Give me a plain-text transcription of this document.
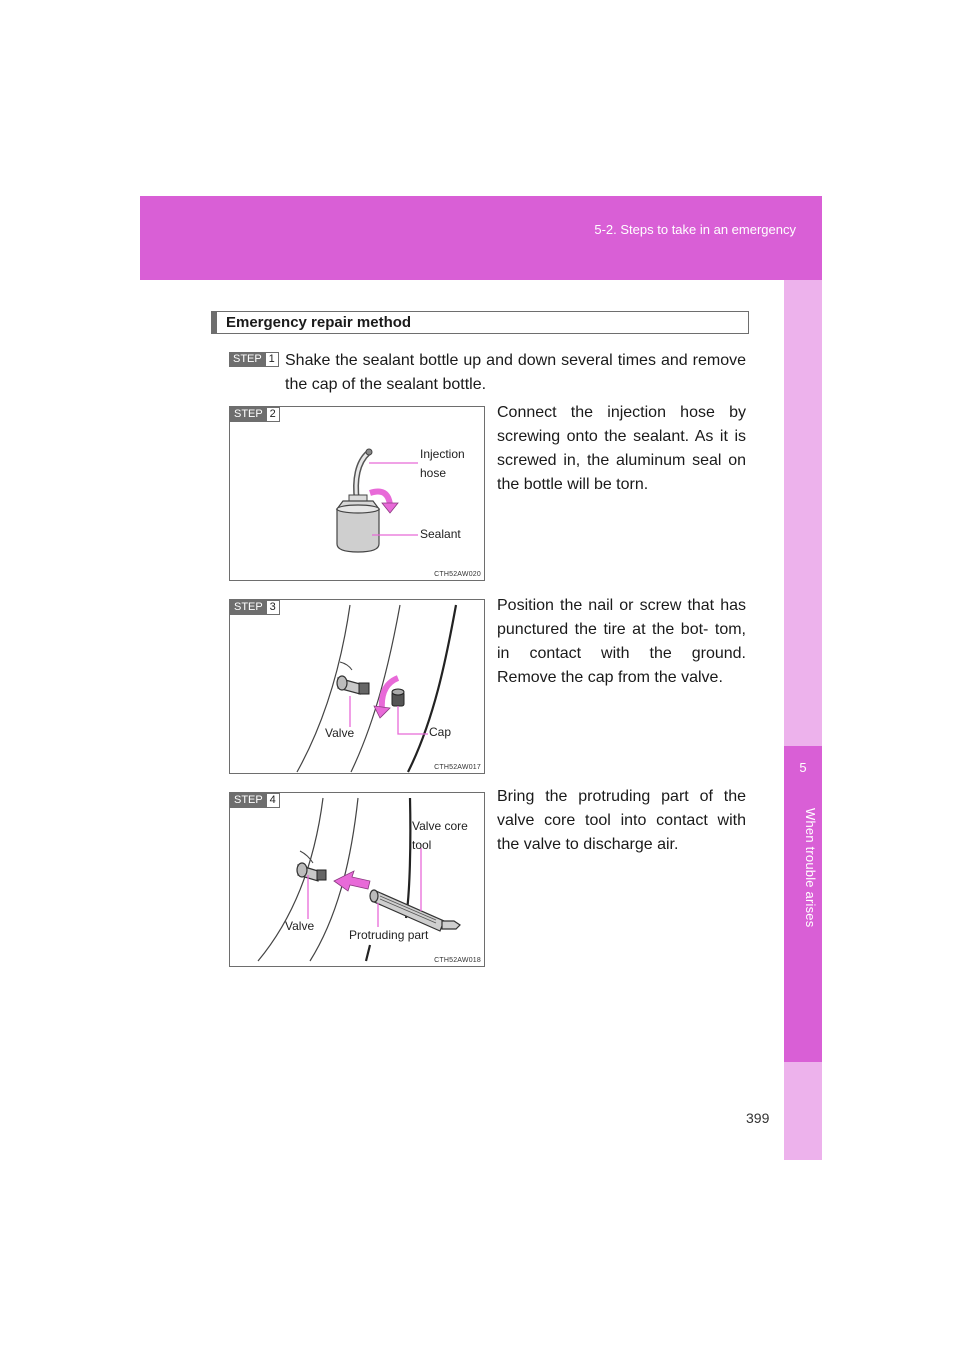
5-2. Steps to take in an emergency
5
When trouble arises
Emergency repair method
STEP 1 Shake the sealant bottle up and down several times and remove the cap of the sealant bottle.
STEP 2
Injection hose
Sealant
CTH52AW020
Connect the injection hose by screwing onto the sealant. As it is screwed in, the aluminum seal on the bottle will be torn.
STEP 3
Valve	Cap
CTH52AW017
Position the nail or screw that has punctured the tire at the bot- tom, in contact with the ground. Remove the cap from the valve.
STEP 4
Valve core tool
Valve
Protruding part
CTH52AW018
Bring the protruding part of the valve core tool into contact with the valve to discharge air.
399
